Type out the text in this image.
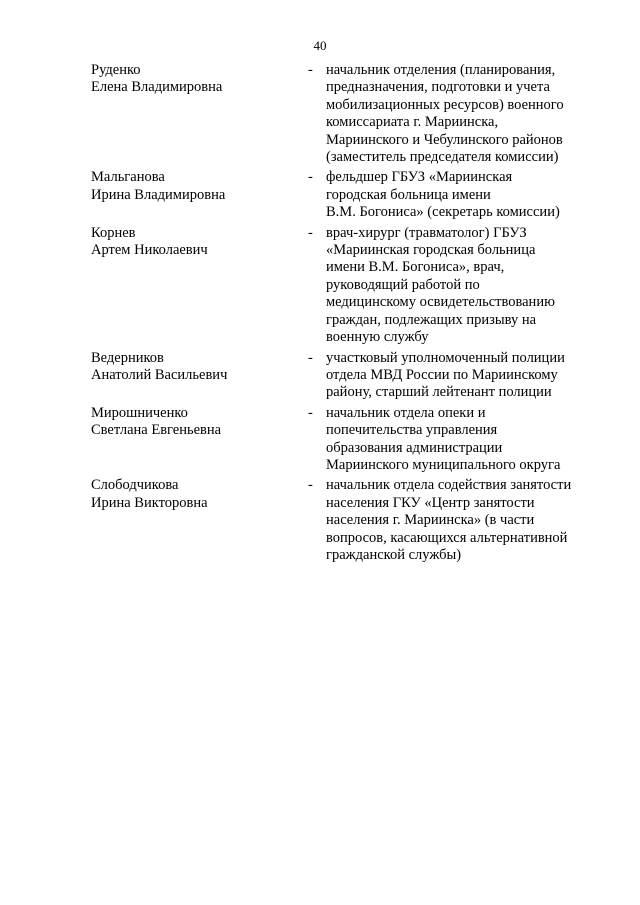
40
Руденко
Елена Владимировна
- начальник отделения (планирования,
предназначения, подготовки и учета
мобилизационных ресурсов) военного
комиссариата г. Мариинска,
Мариинского и Чебулинского районов
(заместитель председателя комиссии)
Мальганова
Ирина Владимировна
- фельдшер ГБУЗ «Мариинская
городская больница имени
В.М. Богониса» (секретарь комиссии)
Корнев
Артем Николаевич
- врач-хирург (травматолог) ГБУЗ
«Мариинская городская больница
имени В.М. Богониса», врач,
руководящий работой по
медицинскому освидетельствованию
граждан, подлежащих призыву на
военную службу
Ведерников
Анатолий Васильевич
- участковый уполномоченный полиции
отдела МВД России по Мариинскому
району, старший лейтенант полиции
Мирошниченко
Светлана Евгеньевна
- начальник отдела опеки и
попечительства управления
образования администрации
Мариинского муниципального округа
Слободчикова
Ирина Викторовна
- начальник отдела содействия занятости
населения ГКУ «Центр занятости
населения г. Мариинска» (в части
вопросов, касающихся альтернативной
гражданской службы)
